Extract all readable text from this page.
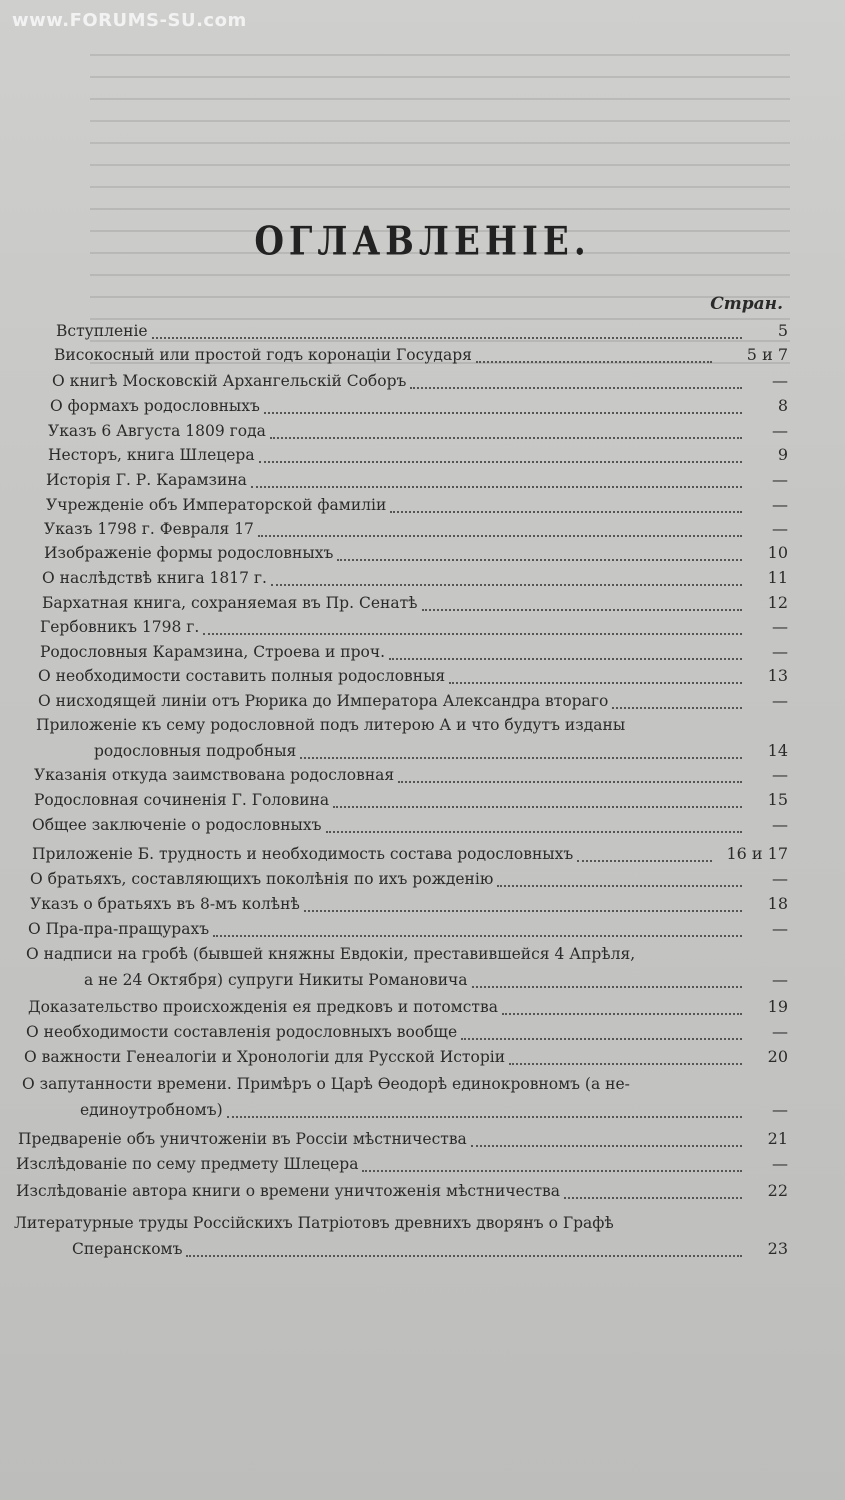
www.FORUMS-SU.com
ОГЛАВЛЕНІЕ.
Стран.
Вступленіе	5
Високосный или простой годъ коронаціи Государя	5 и 7
О книгѣ Московскій Архангельскій Соборъ	—
О формахъ родословныхъ	8
Указъ 6 Августа 1809 года	—
Несторъ, книга Шлецера	9
Исторія Г. Р. Карамзина	—
Учрежденіе объ Императорской фамиліи	—
Указъ 1798 г. Февраля 17	—
Изображеніе формы родословныхъ	10
О наслѣдствѣ книга 1817 г.	11
Бархатная книга, сохраняемая въ Пр. Сенатѣ	12
Гербовникъ 1798 г.	—
Родословныя Карамзина, Строева и проч.	—
О необходимости составить полныя родословныя	13
О нисходящей линіи отъ Рюрика до Императора Александра втораго	—
Приложеніе къ сему родословной подъ литерою А и что будутъ изданы
родословныя подробныя	14
Указанія откуда заимствована родословная	—
Родословная сочиненія Г. Головина	15
Общее заключеніе о родословныхъ	—
Приложеніе Б. трудность и необходимость состава родословныхъ	16 и 17
О братьяхъ, составляющихъ поколѣнія по ихъ рожденію	—
Указъ о братьяхъ въ 8-мъ колѣнѣ	18
О Пра-пра-пращурахъ	—
О надписи на гробѣ (бывшей княжны Евдокіи, преставившейся 4 Апрѣля,
а не 24 Октября) супруги Никиты Романовича	—
Доказательство происхожденія ея предковъ и потомства	19
О необходимости составленія родословныхъ вообще	—
О важности Генеалогіи и Хронологіи для Русской Исторіи	20
О запутанности времени. Примѣръ о Царѣ Ѳеодорѣ единокровномъ (а не-
единоутробномъ)	—
Предвареніе объ уничтоженіи въ Россіи мѣстничества	21
Изслѣдованіе по сему предмету Шлецера	—
Изслѣдованіе автора книги о времени уничтоженія мѣстничества	22
Литературные труды Россійскихъ Патріотовъ древнихъ дворянъ о Графѣ
Сперанскомъ	23
